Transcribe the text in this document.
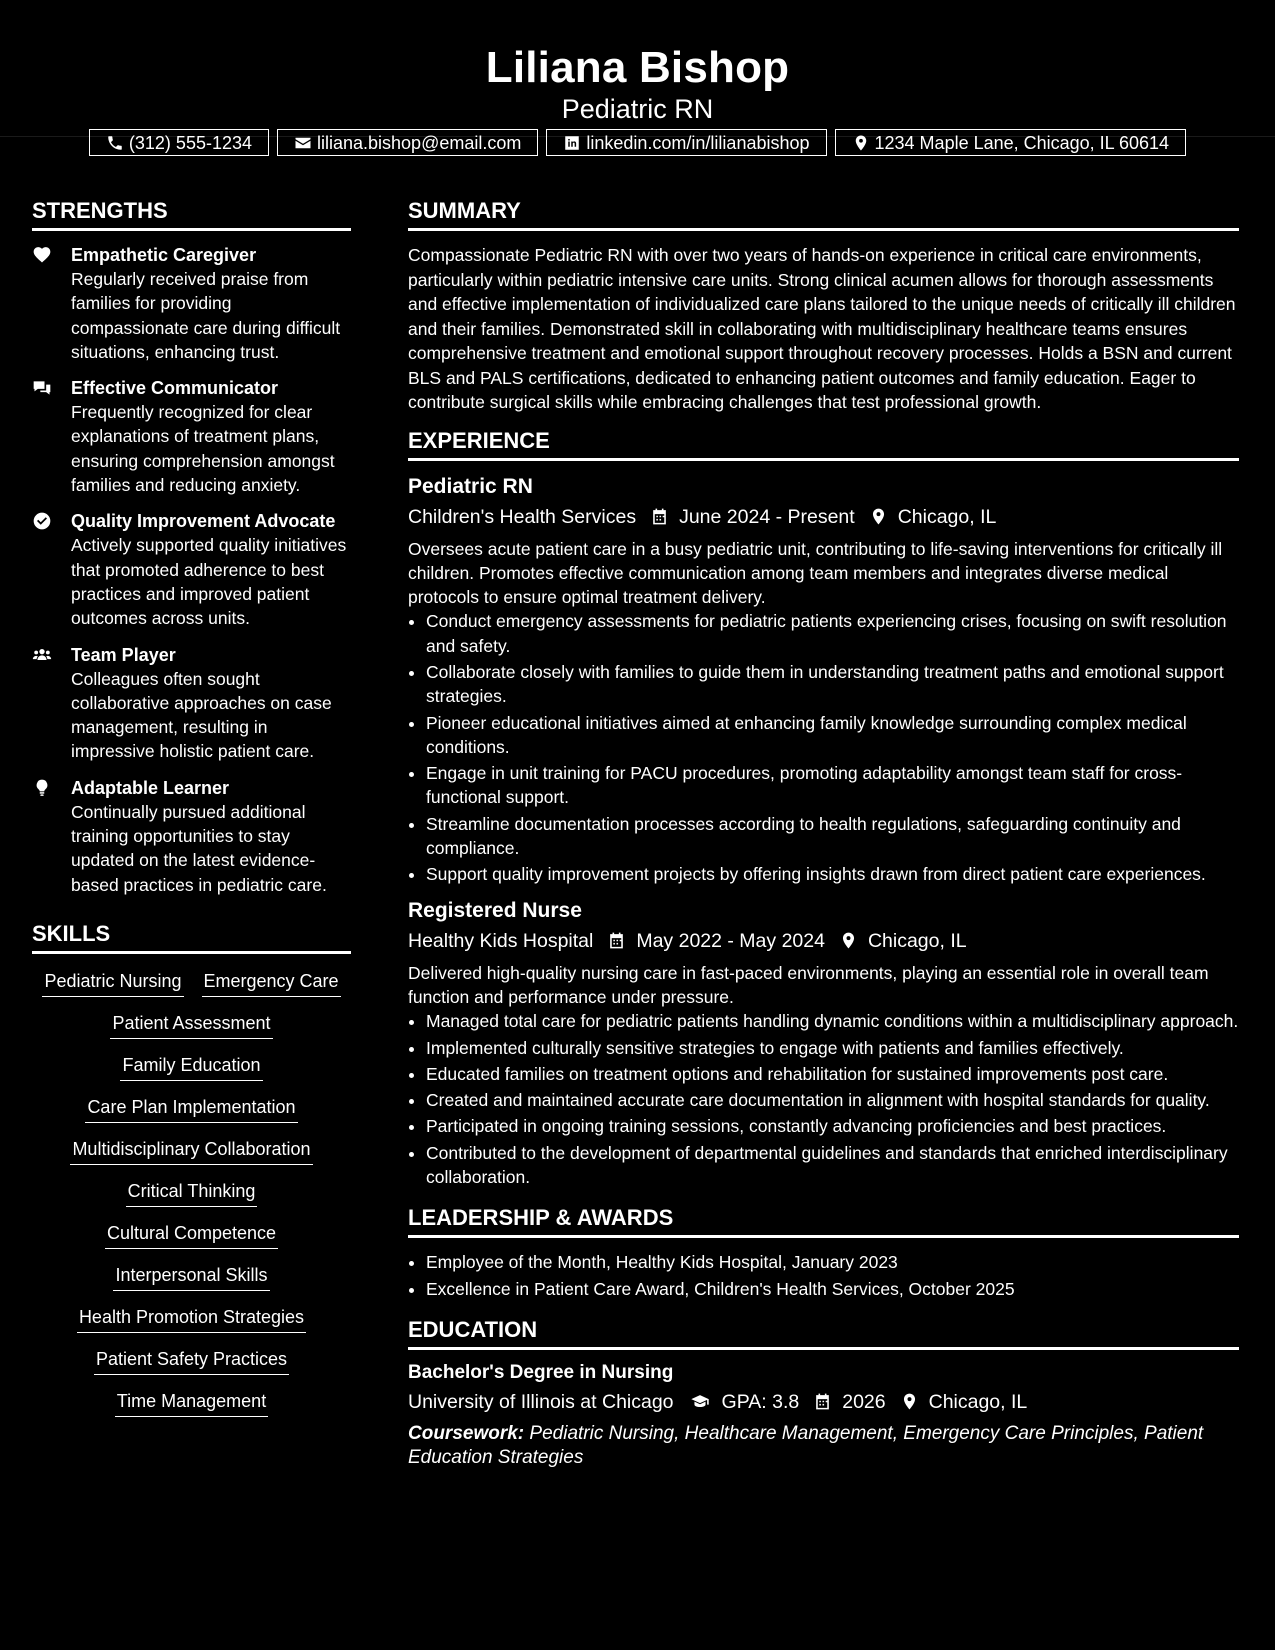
Liliana Bishop
Pediatric RN
(312) 555-1234	liliana.bishop@email.com	linkedin.com/in/lilianabishop	1234 Maple Lane, Chicago, IL 60614
STRENGTHS
Empathetic Caregiver
Regularly received praise from families for providing compassionate care during difficult situations, enhancing trust.
Effective Communicator
Frequently recognized for clear explanations of treatment plans, ensuring comprehension amongst families and reducing anxiety.
Quality Improvement Advocate
Actively supported quality initiatives that promoted adherence to best practices and improved patient outcomes across units.
Team Player
Colleagues often sought collaborative approaches on case management, resulting in impressive holistic patient care.
Adaptable Learner
Continually pursued additional training opportunities to stay updated on the latest evidence-based practices in pediatric care.
SKILLS
Pediatric Nursing Emergency Care
Patient Assessment
Family Education
Care Plan Implementation
Multidisciplinary Collaboration
Critical Thinking
Cultural Competence
Interpersonal Skills
Health Promotion Strategies
Patient Safety Practices
Time Management
SUMMARY
Compassionate Pediatric RN with over two years of hands-on experience in critical care environments, particularly within pediatric intensive care units. Strong clinical acumen allows for thorough assessments and effective implementation of individualized care plans tailored to the unique needs of critically ill children and their families. Demonstrated skill in collaborating with multidisciplinary healthcare teams ensures comprehensive treatment and emotional support throughout recovery processes. Holds a BSN and current BLS and PALS certifications, dedicated to enhancing patient outcomes and family education. Eager to contribute surgical skills while embracing challenges that test professional growth.
EXPERIENCE
Pediatric RN
Children's Health Services June 2024 - Present Chicago, IL
Oversees acute patient care in a busy pediatric unit, contributing to life-saving interventions for critically ill children. Promotes effective communication among team members and integrates diverse medical protocols to ensure optimal treatment delivery.
• Conduct emergency assessments for pediatric patients experiencing crises, focusing on swift resolution and safety.
• Collaborate closely with families to guide them in understanding treatment paths and emotional support strategies.
• Pioneer educational initiatives aimed at enhancing family knowledge surrounding complex medical conditions.
• Engage in unit training for PACU procedures, promoting adaptability amongst team staff for cross-functional support.
• Streamline documentation processes according to health regulations, safeguarding continuity and compliance.
• Support quality improvement projects by offering insights drawn from direct patient care experiences.
Registered Nurse
Healthy Kids Hospital May 2022 - May 2024 Chicago, IL
Delivered high-quality nursing care in fast-paced environments, playing an essential role in overall team function and performance under pressure.
• Managed total care for pediatric patients handling dynamic conditions within a multidisciplinary approach.
• Implemented culturally sensitive strategies to engage with patients and families effectively.
• Educated families on treatment options and rehabilitation for sustained improvements post care.
• Created and maintained accurate care documentation in alignment with hospital standards for quality.
• Participated in ongoing training sessions, constantly advancing proficiencies and best practices.
• Contributed to the development of departmental guidelines and standards that enriched interdisciplinary collaboration.
LEADERSHIP & AWARDS
• Employee of the Month, Healthy Kids Hospital, January 2023
• Excellence in Patient Care Award, Children's Health Services, October 2025
EDUCATION
Bachelor's Degree in Nursing
University of Illinois at Chicago GPA: 3.8 2026 Chicago, IL
Coursework: Pediatric Nursing, Healthcare Management, Emergency Care Principles, Patient Education Strategies
